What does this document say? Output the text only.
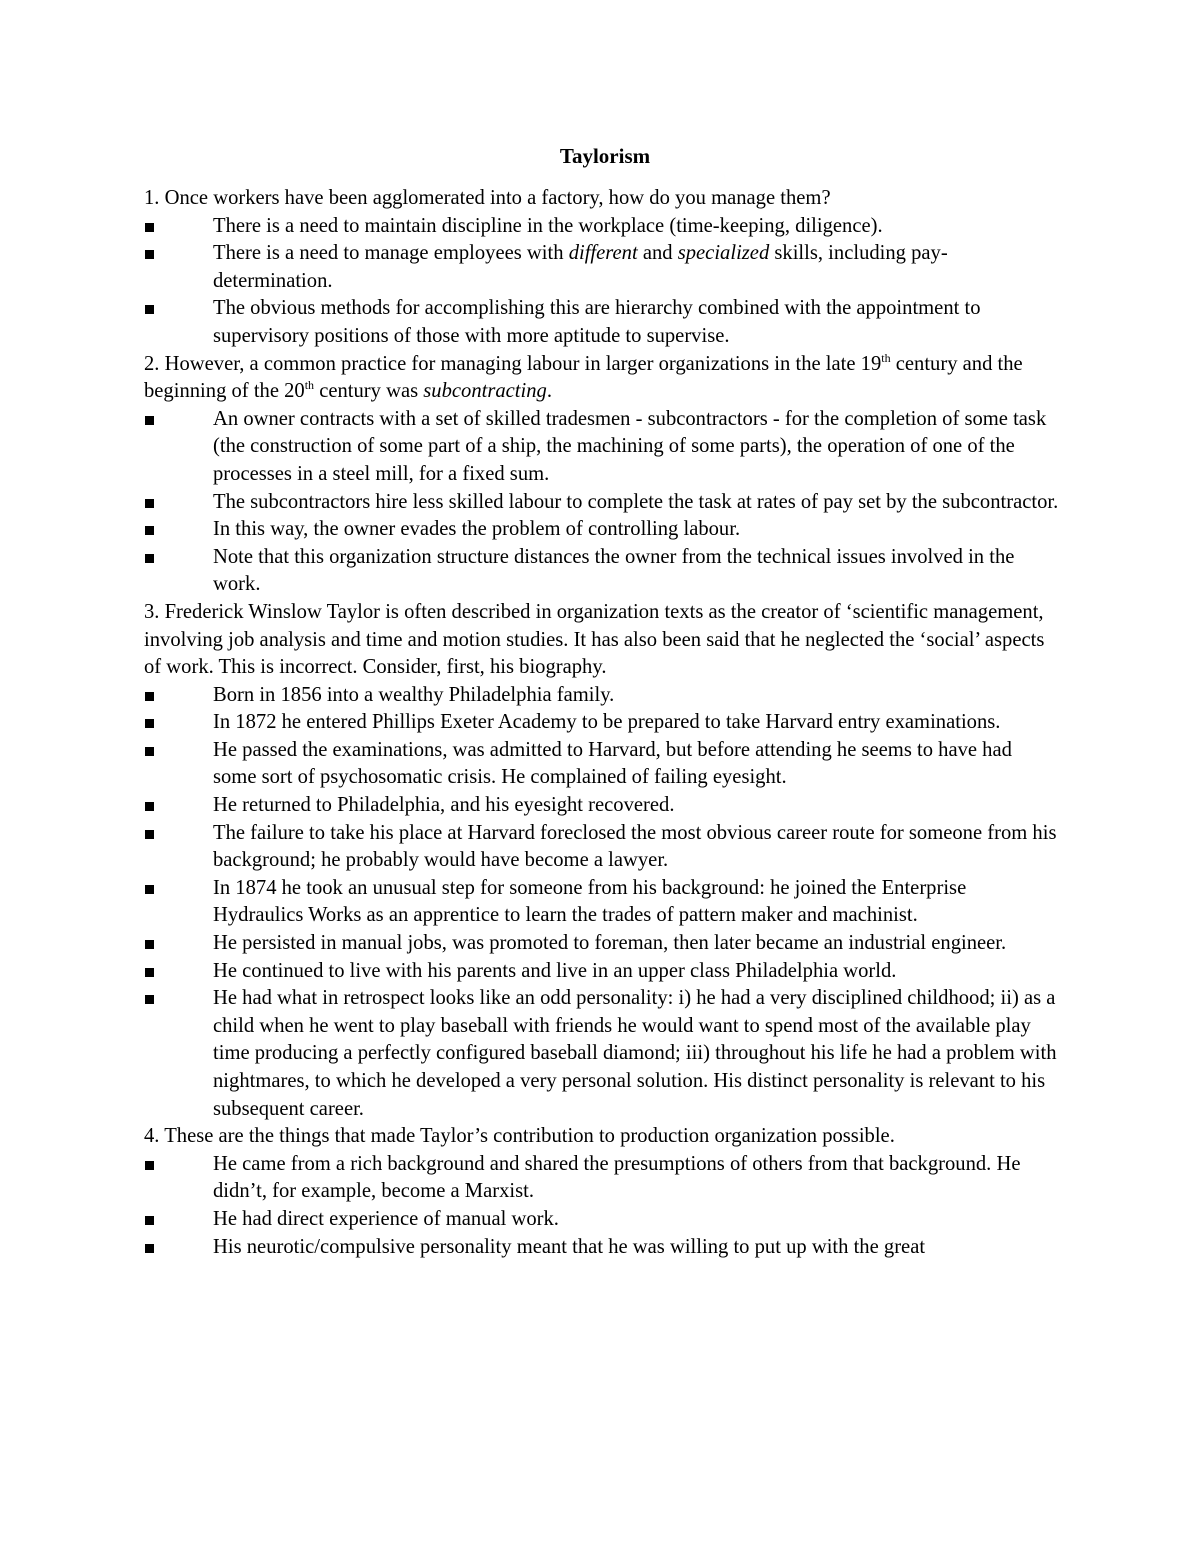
Taylorism

1. Once workers have been agglomerated into a factory, how do you manage them?

There is a need to maintain discipline in the workplace (time-keeping, diligence).

There is a need to manage employees with different and specialized skills, including pay-determination.

The obvious methods for accomplishing this are hierarchy combined with the appointment to supervisory positions of those with more aptitude to supervise.

2. However, a common practice for managing labour in larger organizations in the late 19th century and the beginning of the 20th century was subcontracting.

An owner contracts with a set of skilled tradesmen - subcontractors - for the completion of some task (the construction of some part of a ship, the machining of some parts), the operation of one of the processes in a steel mill, for a fixed sum.

The subcontractors hire less skilled labour to complete the task at rates of pay set by the subcontractor.

In this way, the owner evades the problem of controlling labour.

Note that this organization structure distances the owner from the technical issues involved in the work.

3. Frederick Winslow Taylor is often described in organization texts as the creator of ‘scientific management, involving job analysis and time and motion studies. It has also been said that he neglected the ‘social’ aspects of work. This is incorrect. Consider, first, his biography.

Born in 1856 into a wealthy Philadelphia family.

In 1872 he entered Phillips Exeter Academy to be prepared to take Harvard entry examinations.

He passed the examinations, was admitted to Harvard, but before attending he seems to have had some sort of psychosomatic crisis. He complained of failing eyesight.

He returned to Philadelphia, and his eyesight recovered.

The failure to take his place at Harvard foreclosed the most obvious career route for someone from his background; he probably would have become a lawyer.

In 1874 he took an unusual step for someone from his background: he joined the Enterprise Hydraulics Works as an apprentice to learn the trades of pattern maker and machinist.

He persisted in manual jobs, was promoted to foreman, then later became an industrial engineer.

He continued to live with his parents and live in an upper class Philadelphia world.

He had what in retrospect looks like an odd personality: i) he had a very disciplined childhood; ii) as a child when he went to play baseball with friends he would want to spend most of the available play time producing a perfectly configured baseball diamond; iii) throughout his life he had a problem with nightmares, to which he developed a very personal solution. His distinct personality is relevant to his subsequent career.

4. These are the things that made Taylor’s contribution to production organization possible.

He came from a rich background and shared the presumptions of others from that background. He didn’t, for example, become a Marxist.

He had direct experience of manual work.

His neurotic/compulsive personality meant that he was willing to put up with the great
